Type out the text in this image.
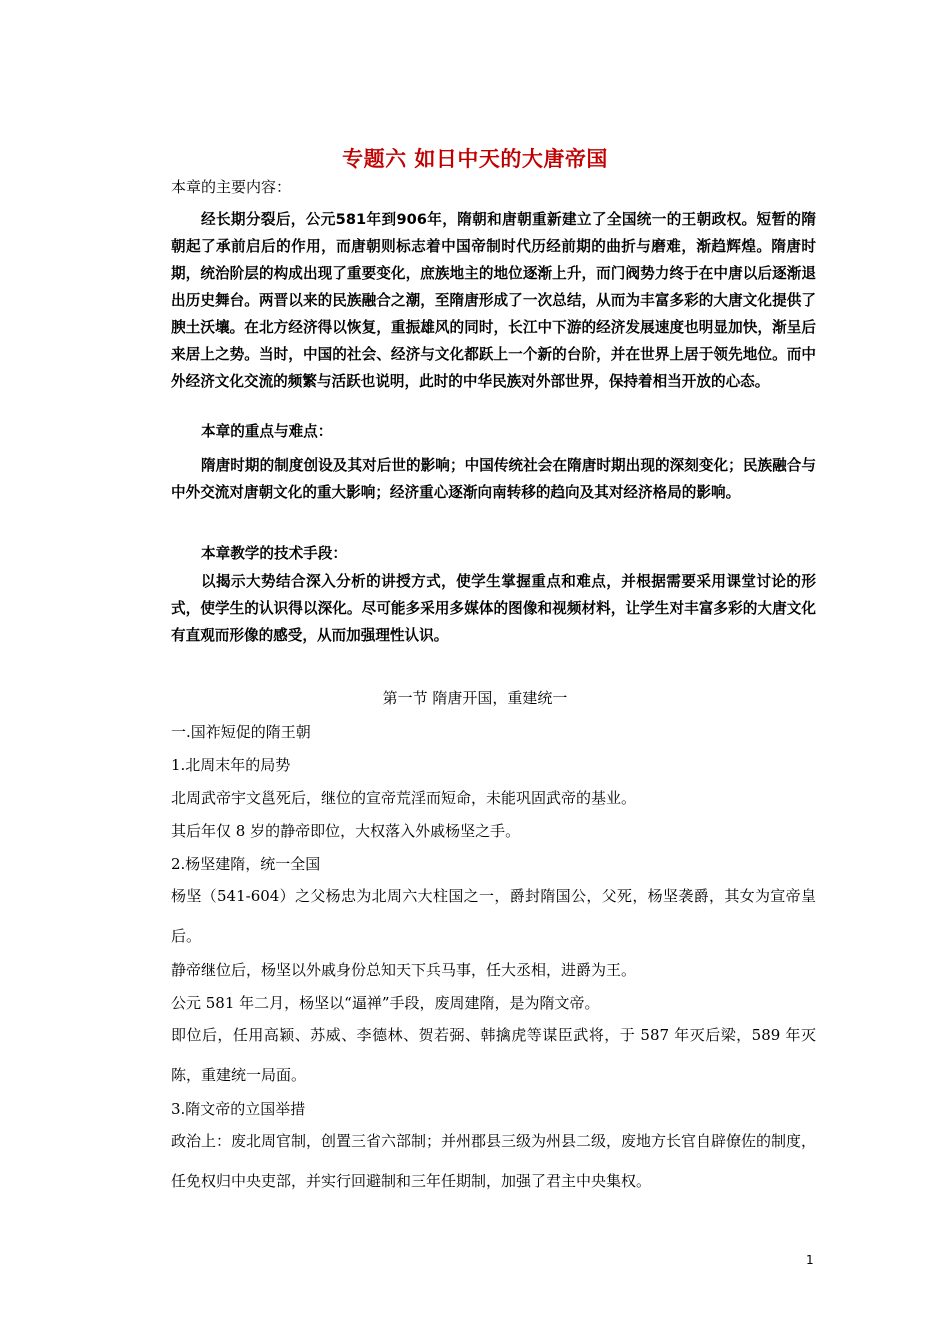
专题六 如日中天的大唐帝国
本章的主要内容：

经长期分裂后，公元581年到906年，隋朝和唐朝重新建立了全国统一的王朝政权。短暂的隋朝起了承前启后的作用，而唐朝则标志着中国帝制时代历经前期的曲折与磨难，渐趋辉煌。隋唐时期，统治阶层的构成出现了重要变化，庶族地主的地位逐渐上升，而门阀势力终于在中唐以后逐渐退出历史舞台。两晋以来的民族融合之潮，至隋唐形成了一次总结，从而为丰富多彩的大唐文化提供了腴土沃壤。在北方经济得以恢复，重振雄风的同时，长江中下游的经济发展速度也明显加快，渐呈后来居上之势。当时，中国的社会、经济与文化都跃上一个新的台阶，并在世界上居于领先地位。而中外经济文化交流的频繁与活跃也说明，此时的中华民族对外部世界，保持着相当开放的心态。

本章的重点与难点：

隋唐时期的制度创设及其对后世的影响；中国传统社会在隋唐时期出现的深刻变化；民族融合与中外交流对唐朝文化的重大影响；经济重心逐渐向南转移的趋向及其对经济格局的影响。

本章教学的技术手段：

以揭示大势结合深入分析的讲授方式，使学生掌握重点和难点，并根据需要采用课堂讨论的形式，使学生的认识得以深化。尽可能多采用多媒体的图像和视频材料，让学生对丰富多彩的大唐文化有直观而形像的感受，从而加强理性认识。

第一节 隋唐开国，重建统一
一.国祚短促的隋王朝
1.北周末年的局势
北周武帝宇文邕死后，继位的宣帝荒淫而短命，未能巩固武帝的基业。
其后年仅 8 岁的静帝即位，大权落入外戚杨坚之手。
2.杨坚建隋，统一全国
杨坚（541-604）之父杨忠为北周六大柱国之一，爵封隋国公，父死，杨坚袭爵，其女为宣帝皇后。
静帝继位后，杨坚以外戚身份总知天下兵马事，任大丞相，进爵为王。
公元 581 年二月，杨坚以“逼禅”手段，废周建隋，是为隋文帝。
即位后，任用高颖、苏威、李德林、贺若弼、韩擒虎等谋臣武将，于 587 年灭后梁，589 年灭陈，重建统一局面。
3.隋文帝的立国举措
政治上：废北周官制，创置三省六部制；并州郡县三级为州县二级，废地方长官自辟僚佐的制度，任免权归中央吏部，并实行回避制和三年任期制，加强了君主中央集权。
1
